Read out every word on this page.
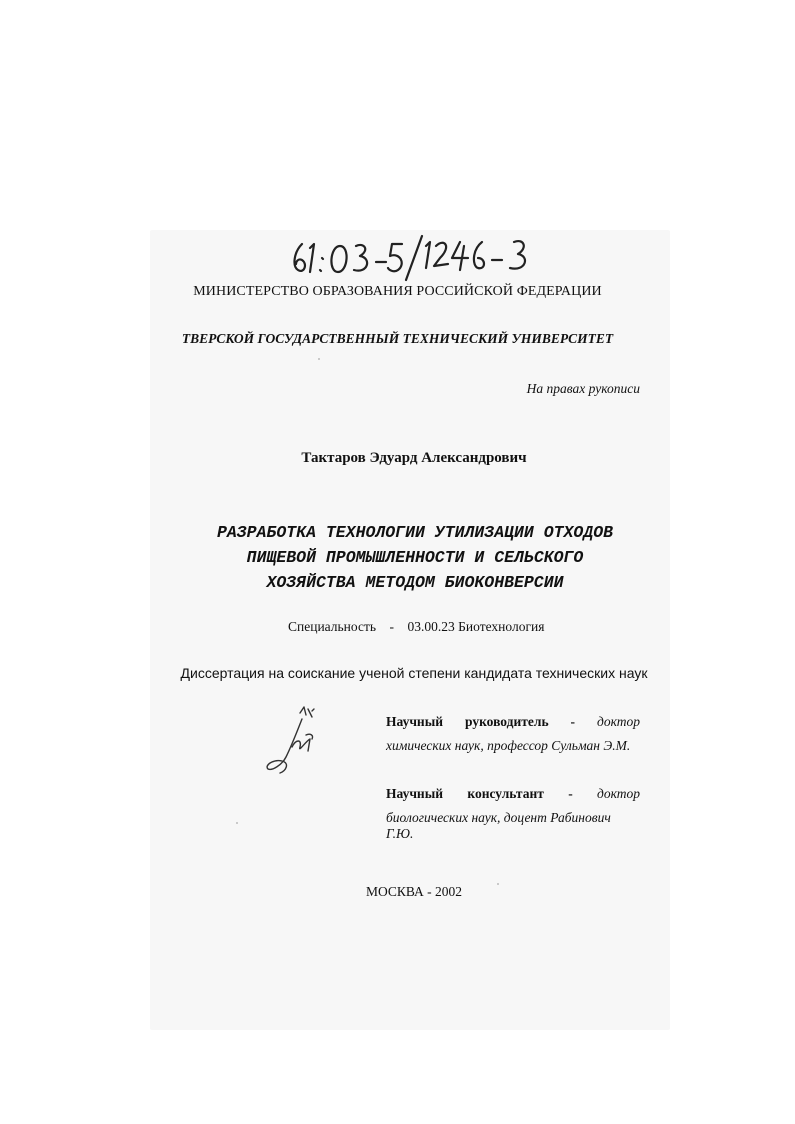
МИНИСТЕРСТВО ОБРАЗОВАНИЯ РОССИЙСКОЙ ФЕДЕРАЦИИ
ТВЕРСКОЙ ГОСУДАРСТВЕННЫЙ ТЕХНИЧЕСКИЙ УНИВЕРСИТЕТ
На правах рукописи
Тактаров Эдуард Александрович
РАЗРАБОТКА ТЕХНОЛОГИИ УТИЛИЗАЦИИ ОТХОДОВ
ПИЩЕВОЙ ПРОМЫШЛЕННОСТИ И СЕЛЬСКОГО
ХОЗЯЙСТВА МЕТОДОМ БИОКОНВЕРСИИ
Специальность - 03.00.23 Биотехнология
Диссертация на соискание ученой степени кандидата технических наук
Научный руководитель - доктор
химических наук, профессор Сульман Э.М.
Научный консультант - доктор
биологических наук, доцент Рабинович Г.Ю.
МОСКВА - 2002
